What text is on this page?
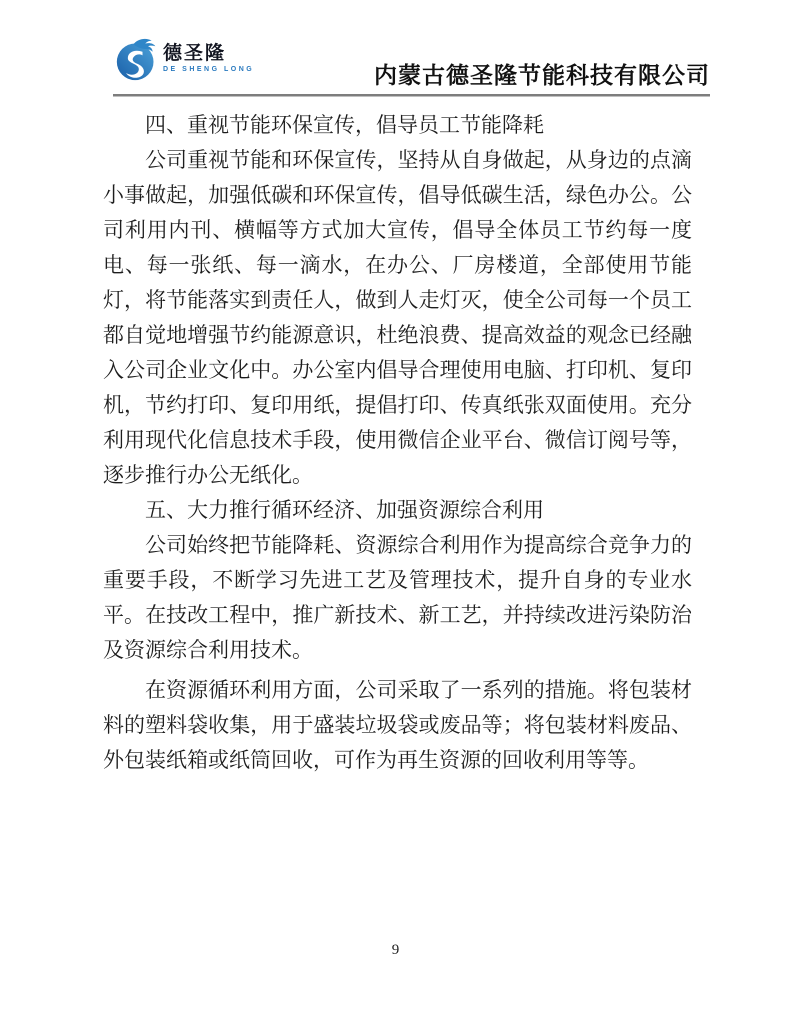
德圣隆
DE SHENG LONG	内蒙古德圣隆节能科技有限公司

四、重视节能环保宣传，倡导员工节能降耗

公司重视节能和环保宣传，坚持从自身做起，从身边的点滴小事做起，加强低碳和环保宣传，倡导低碳生活，绿色办公。公司利用内刊、横幅等方式加大宣传，倡导全体员工节约每一度电、每一张纸、每一滴水，在办公、厂房楼道，全部使用节能灯，将节能落实到责任人，做到人走灯灭，使全公司每一个员工都自觉地增强节约能源意识，杜绝浪费、提高效益的观念已经融入公司企业文化中。办公室内倡导合理使用电脑、打印机、复印机，节约打印、复印用纸，提倡打印、传真纸张双面使用。充分利用现代化信息技术手段，使用微信企业平台、微信订阅号等，逐步推行办公无纸化。

五、大力推行循环经济、加强资源综合利用

公司始终把节能降耗、资源综合利用作为提高综合竞争力的重要手段，不断学习先进工艺及管理技术，提升自身的专业水平。在技改工程中，推广新技术、新工艺，并持续改进污染防治及资源综合利用技术。

在资源循环利用方面，公司采取了一系列的措施。将包装材料的塑料袋收集，用于盛装垃圾袋或废品等；将包装材料废品、外包装纸箱或纸筒回收，可作为再生资源的回收利用等等。

9
